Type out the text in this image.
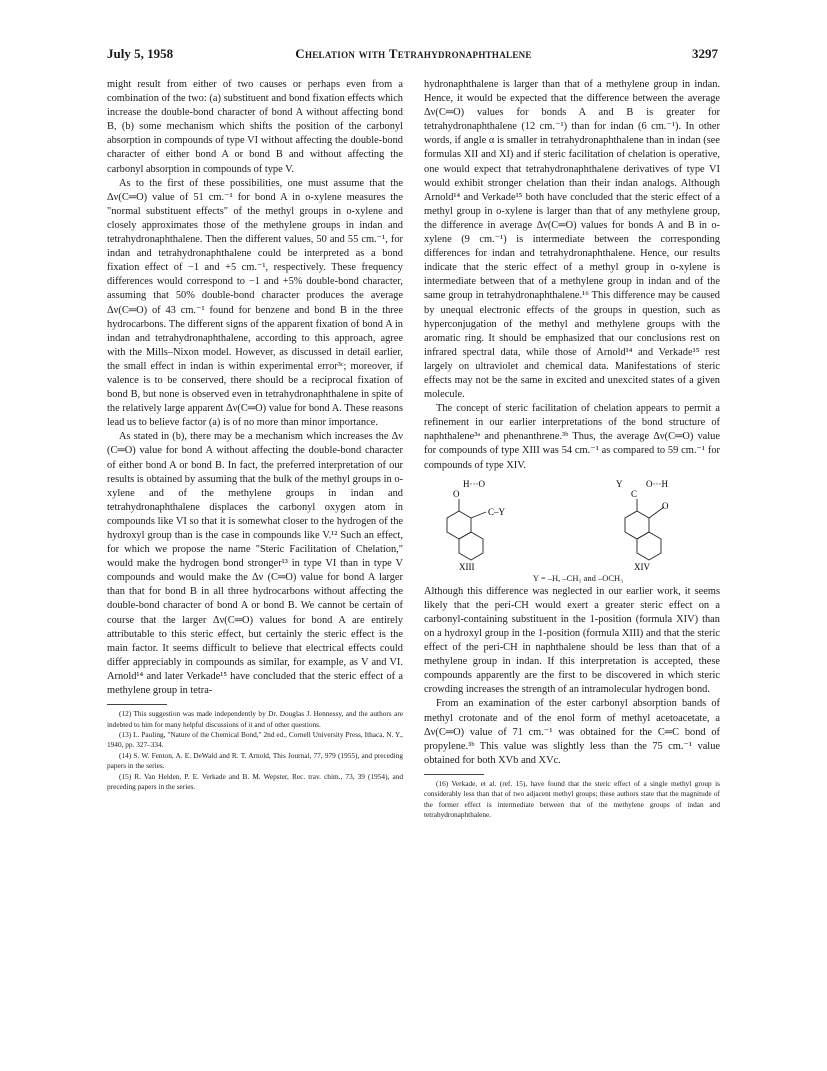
July 5, 1958	Chelation with Tetrahydronaphthalene	3297

might result from either of two causes or perhaps even from a combination of the two: (a) substituent and bond fixation effects which increase the double-bond character of bond A without affecting bond B, (b) some mechanism which shifts the position of the carbonyl absorption in compounds of type VI without affecting the double-bond character of either bond A or bond B and without affecting the carbonyl absorption in compounds of type V.

As to the first of these possibilities, one must assume that the Δν(C═O) value of 51 cm.⁻¹ for bond A in o-xylene measures the "normal substituent effects" of the methyl groups in o-xylene and closely approximates those of the methylene groups in indan and tetrahydronaphthalene. Then the different values, 50 and 55 cm.⁻¹, for indan and tetrahydronaphthalene could be interpreted as a bond fixation effect of −1 and +5 cm.⁻¹, respectively. These frequency differences would correspond to −1 and +5% double-bond character, assuming that 50% double-bond character produces the average Δν(C═O) of 43 cm.⁻¹ found for benzene and bond B in the three hydrocarbons. The different signs of the apparent fixation of bond A in indan and tetrahydronaphthalene, according to this approach, agree with the Mills–Nixon model. However, as discussed in detail earlier, the small effect in indan is within experimental error³ᶜ; moreover, if valence is to be conserved, there should be a reciprocal fixation of bond B, but none is observed even in tetrahydronaphthalene in spite of the relatively large apparent Δν(C═O) value for bond A. These reasons lead us to believe factor (a) is of no more than minor importance.

As stated in (b), there may be a mechanism which increases the Δν (C═O) value for bond A without affecting the double-bond character of either bond A or bond B. In fact, the preferred interpretation of our results is obtained by assuming that the bulk of the methyl groups in o-xylene and of the methylene groups in indan and tetrahydronaphthalene displaces the carbonyl oxygen atom in compounds like VI so that it is somewhat closer to the hydrogen of the hydroxyl group than is the case in compounds like V.¹² Such an effect, for which we propose the name "Steric Facilitation of Chelation," would make the hydrogen bond stronger¹³ in type VI than in type V compounds and would make the Δν (C═O) value for bond A larger than that for bond B in all three hydrocarbons without affecting the double-bond character of bond A or bond B. We cannot be certain of course that the larger Δν(C═O) values for bond A are entirely attributable to this steric effect, but certainly the steric effect is the main factor. It seems difficult to believe that electrical effects could differ appreciably in compounds as similar, for example, as V and VI. Arnold¹⁴ and later Verkade¹⁵ have concluded that the steric effect of a methylene group in tetra-

(12) This suggestion was made independently by Dr. Douglas J. Hennessy, and the authors are indebted to him for many helpful discussions of it and of other questions.

(13) L. Pauling, "Nature of the Chemical Bond," 2nd ed., Cornell University Press, Ithaca, N. Y., 1940, pp. 327–334.

(14) S. W. Fenton, A. E. DeWald and R. T. Arnold, This Journal, 77, 979 (1955), and preceding papers in the series.

(15) R. Van Helden, P. E. Verkade and B. M. Wepster, Rec. trav. chim., 73, 39 (1954), and preceding papers in the series.

hydronaphthalene is larger than that of a methylene group in indan. Hence, it would be expected that the difference between the average Δν(C═O) values for bonds A and B is greater for tetrahydronaphthalene (12 cm.⁻¹) than for indan (6 cm.⁻¹). In other words, if angle α is smaller in tetrahydronaphthalene than in indan (see formulas XII and XI) and if steric facilitation of chelation is operative, one would expect that tetrahydronaphthalene derivatives of type VI would exhibit stronger chelation than their indan analogs. Although Arnold¹⁴ and Verkade¹⁵ both have concluded that the steric effect of a methyl group in o-xylene is larger than that of any methylene group, the difference in average Δν(C═O) values for bonds A and B in o-xylene (9 cm.⁻¹) is intermediate between the corresponding differences for indan and tetrahydronaphthalene. Hence, our results indicate that the steric effect of a methyl group in o-xylene is intermediate between that of a methylene group in indan and of the same group in tetrahydronaphthalene.¹⁶ This difference may be caused by unequal electronic effects of the groups in question, such as hyperconjugation of the methyl and methylene groups with the aromatic ring. It should be emphasized that our conclusions rest on infrared spectral data, while those of Arnold¹⁴ and Verkade¹⁵ rest largely on ultraviolet and chemical data. Manifestations of steric effects may not be the same in excited and unexcited states of a given molecule.

The concept of steric facilitation of chelation appears to permit a refinement in our earlier interpretations of the bond structure of naphthalene³ᵃ and phenanthrene.³ᵇ Thus, the average Δν(C═O) value for compounds of type XIII was 54 cm.⁻¹ as compared to 59 cm.⁻¹ for compounds of type XIV.

O
H···O
C–Y
Y
C
O···H
O
XIII	XIV

Y = –H, –CH₃ and –OCH₃

Although this difference was neglected in our earlier work, it seems likely that the peri-CH would exert a greater steric effect on a carbonyl-containing substituent in the 1-position (formula XIV) than on a hydroxyl group in the 1-position (formula XIII) and that the steric effect of the peri-CH in naphthalene should be less than that of a methylene group in indan. If this interpretation is accepted, these compounds apparently are the first to be discovered in which steric crowding increases the strength of an intramolecular hydrogen bond.

From an examination of the ester carbonyl absorption bands of methyl crotonate and of the enol form of methyl acetoacetate, a Δν(C═O) value of 71 cm.⁻¹ was obtained for the C═C bond of propylene.³ᵇ This value was slightly less than the 75 cm.⁻¹ value obtained for both XVb and XVc.

(16) Verkade, et al. (ref. 15), have found that the steric effect of a single methyl group is considerably less than that of two adjacent methyl groups; these authors state that the magnitude of the former effect is intermediate between that of the methylene groups of indan and tetrahydronaphthalene.
